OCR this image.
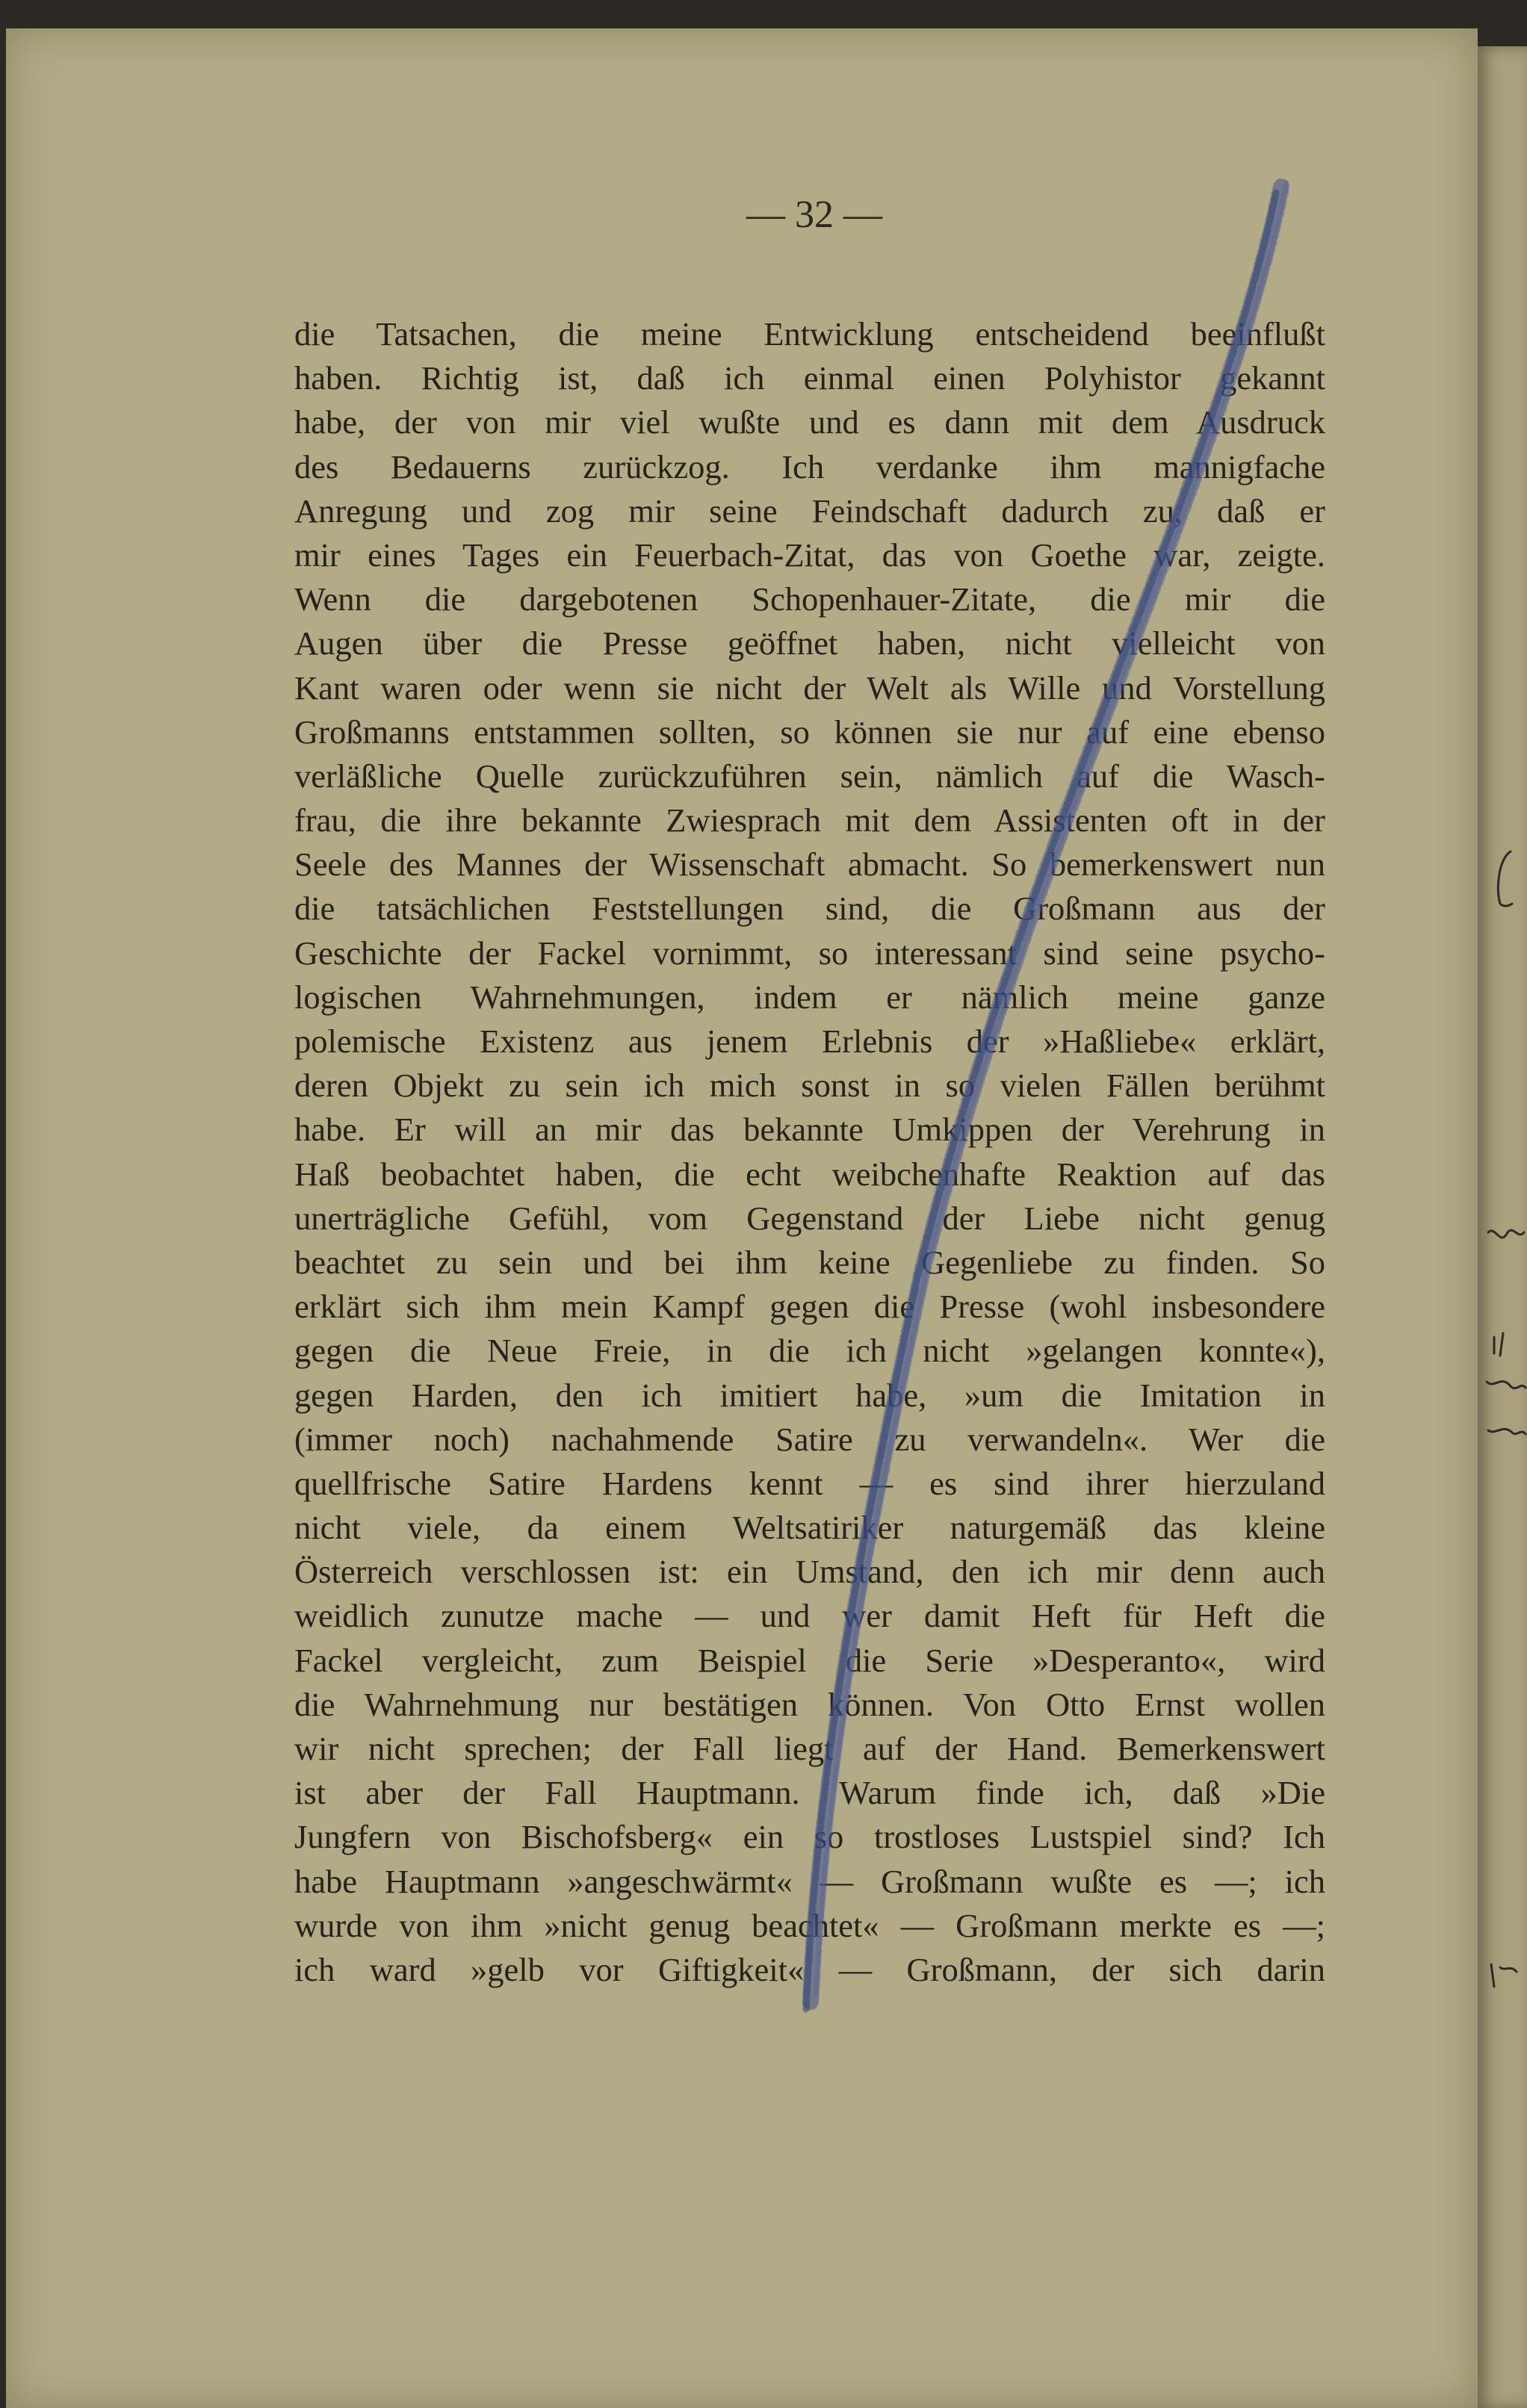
— 32 —
die Tatsachen, die meine Entwicklung entscheidend beeinflußt
haben. Richtig ist, daß ich einmal einen Polyhistor gekannt
habe, der von mir viel wußte und es dann mit dem Ausdruck
des Bedauerns zurückzog. Ich verdanke ihm mannigfache
Anregung und zog mir seine Feindschaft dadurch zu, daß er
mir eines Tages ein Feuerbach-Zitat, das von Goethe war, zeigte.
Wenn die dargebotenen Schopenhauer-Zitate, die mir die
Augen über die Presse geöffnet haben, nicht vielleicht von
Kant waren oder wenn sie nicht der Welt als Wille und Vorstellung
Großmanns entstammen sollten, so können sie nur auf eine ebenso
verläßliche Quelle zurückzuführen sein, nämlich auf die Wasch-
frau, die ihre bekannte Zwiesprach mit dem Assistenten oft in der
Seele des Mannes der Wissenschaft abmacht. So bemerkenswert nun
die tatsächlichen Feststellungen sind, die Großmann aus der
Geschichte der Fackel vornimmt, so interessant sind seine psycho-
logischen Wahrnehmungen, indem er nämlich meine ganze
polemische Existenz aus jenem Erlebnis der »Haßliebe« erklärt,
deren Objekt zu sein ich mich sonst in so vielen Fällen berühmt
habe. Er will an mir das bekannte Umkippen der Verehrung in
Haß beobachtet haben, die echt weibchenhafte Reaktion auf das
unerträgliche Gefühl, vom Gegenstand der Liebe nicht genug
beachtet zu sein und bei ihm keine Gegenliebe zu finden. So
erklärt sich ihm mein Kampf gegen die Presse (wohl insbesondere
gegen die Neue Freie, in die ich nicht »gelangen konnte«),
gegen Harden, den ich imitiert habe, »um die Imitation in
(immer noch) nachahmende Satire zu verwandeln«. Wer die
quellfrische Satire Hardens kennt — es sind ihrer hierzuland
nicht viele, da einem Weltsatiriker naturgemäß das kleine
Österreich verschlossen ist: ein Umstand, den ich mir denn auch
weidlich zunutze mache — und wer damit Heft für Heft die
Fackel vergleicht, zum Beispiel die Serie »Desperanto«, wird
die Wahrnehmung nur bestätigen können. Von Otto Ernst wollen
wir nicht sprechen; der Fall liegt auf der Hand. Bemerkenswert
ist aber der Fall Hauptmann. Warum finde ich, daß »Die
Jungfern von Bischofsberg« ein so trostloses Lustspiel sind? Ich
habe Hauptmann »angeschwärmt« — Großmann wußte es —; ich
wurde von ihm »nicht genug beachtet« — Großmann merkte es —;
ich ward »gelb vor Giftigkeit« — Großmann, der sich darin
